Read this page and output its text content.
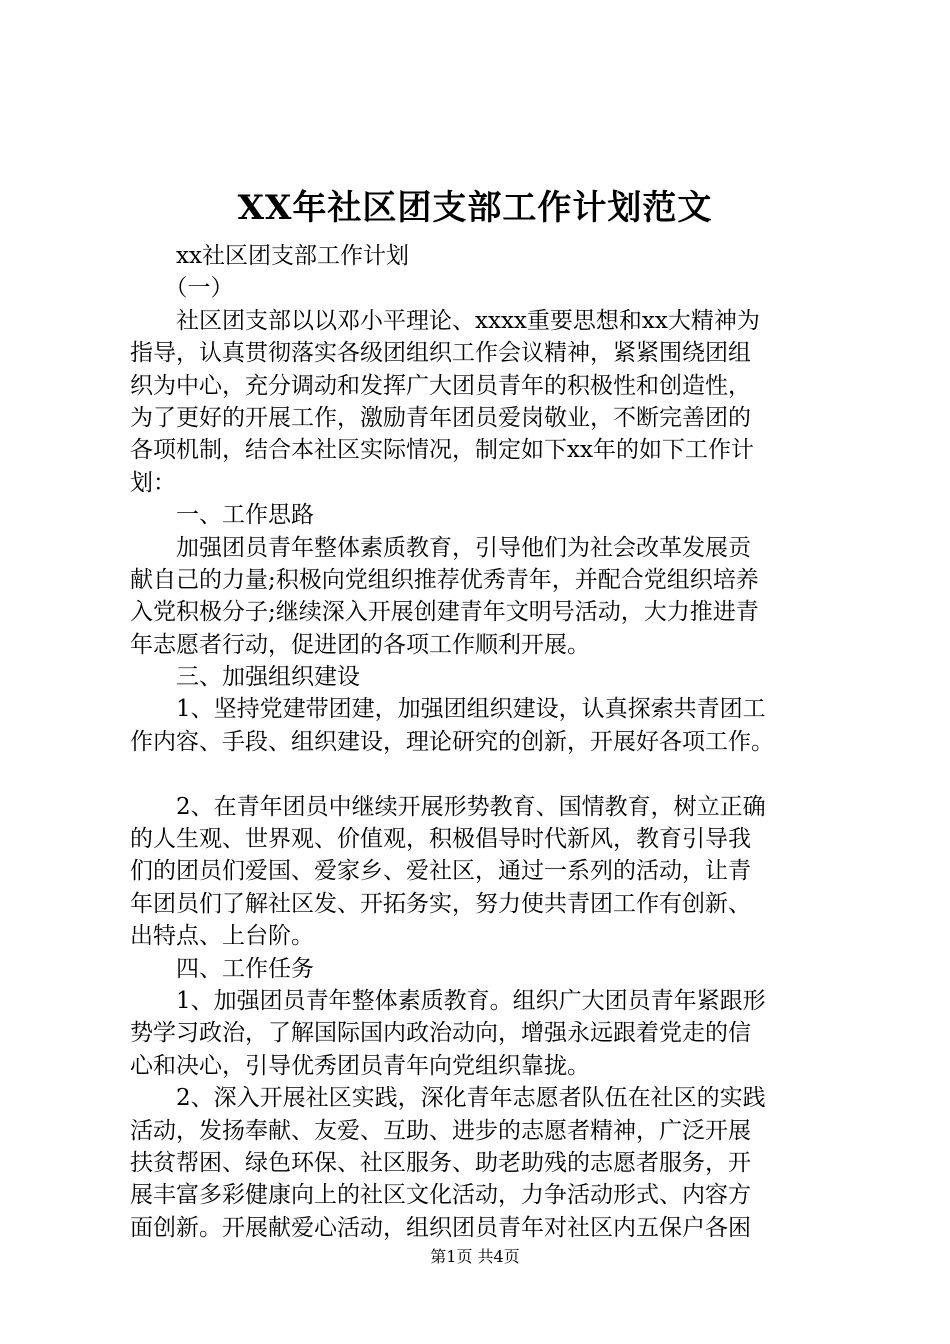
XX年社区团支部工作计划范文
　　xx社区团支部工作计划
　　（一）
　　社区团支部以以邓小平理论、xxxx重要思想和xx大精神为
指导，认真贯彻落实各级团组织工作会议精神，紧紧围绕团组
织为中心，充分调动和发挥广大团员青年的积极性和创造性，
为了更好的开展工作，激励青年团员爱岗敬业，不断完善团的
各项机制，结合本社区实际情况，制定如下xx年的如下工作计
划：
　　一、工作思路
　　加强团员青年整体素质教育，引导他们为社会改革发展贡
献自己的力量;积极向党组织推荐优秀青年，并配合党组织培养
入党积极分子;继续深入开展创建青年文明号活动，大力推进青
年志愿者行动，促进团的各项工作顺利开展。
　　三、加强组织建设
　　1、坚持党建带团建，加强团组织建设，认真探索共青团工
作内容、手段、组织建设，理论研究的创新，开展好各项工作。
　　2、在青年团员中继续开展形势教育、国情教育，树立正确
的人生观、世界观、价值观，积极倡导时代新风，教育引导我
们的团员们爱国、爱家乡、爱社区，通过一系列的活动，让青
年团员们了解社区发、开拓务实，努力使共青团工作有创新、
出特点、上台阶。
　　四、工作任务
　　1、加强团员青年整体素质教育。组织广大团员青年紧跟形
势学习政治，了解国际国内政治动向，增强永远跟着党走的信
心和决心，引导优秀团员青年向党组织靠拢。
　　2、深入开展社区实践，深化青年志愿者队伍在社区的实践
活动，发扬奉献、友爱、互助、进步的志愿者精神，广泛开展
扶贫帮困、绿色环保、社区服务、助老助残的志愿者服务，开
展丰富多彩健康向上的社区文化活动，力争活动形式、内容方
面创新。开展献爱心活动，组织团员青年对社区内五保户各困
第1页 共4页
